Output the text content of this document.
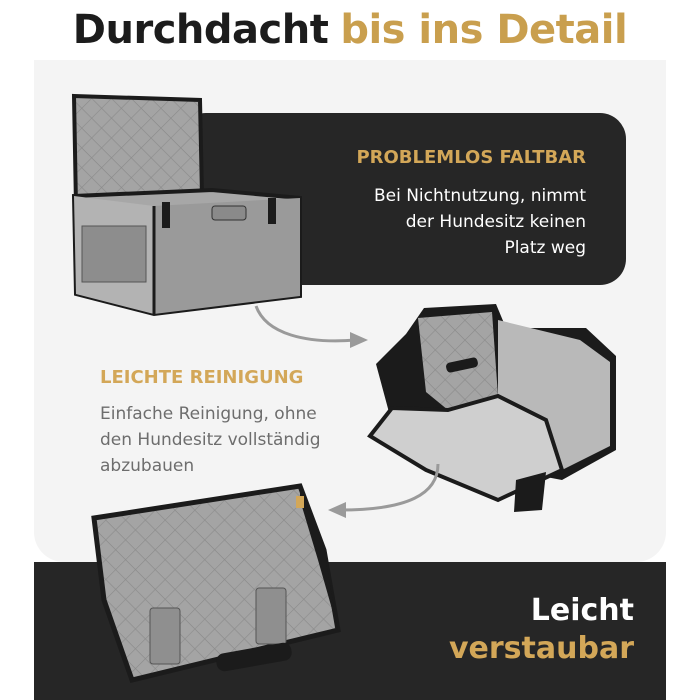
Durchdacht bis ins Detail
PROBLEMLOS FALTBAR
Bei Nichtnutzung, nimmt
der Hundesitz keinen
Platz weg
LEICHTE REINIGUNG
Einfache Reinigung, ohne
den Hundesitz vollständig
abzubauen
Leicht
verstaubar
